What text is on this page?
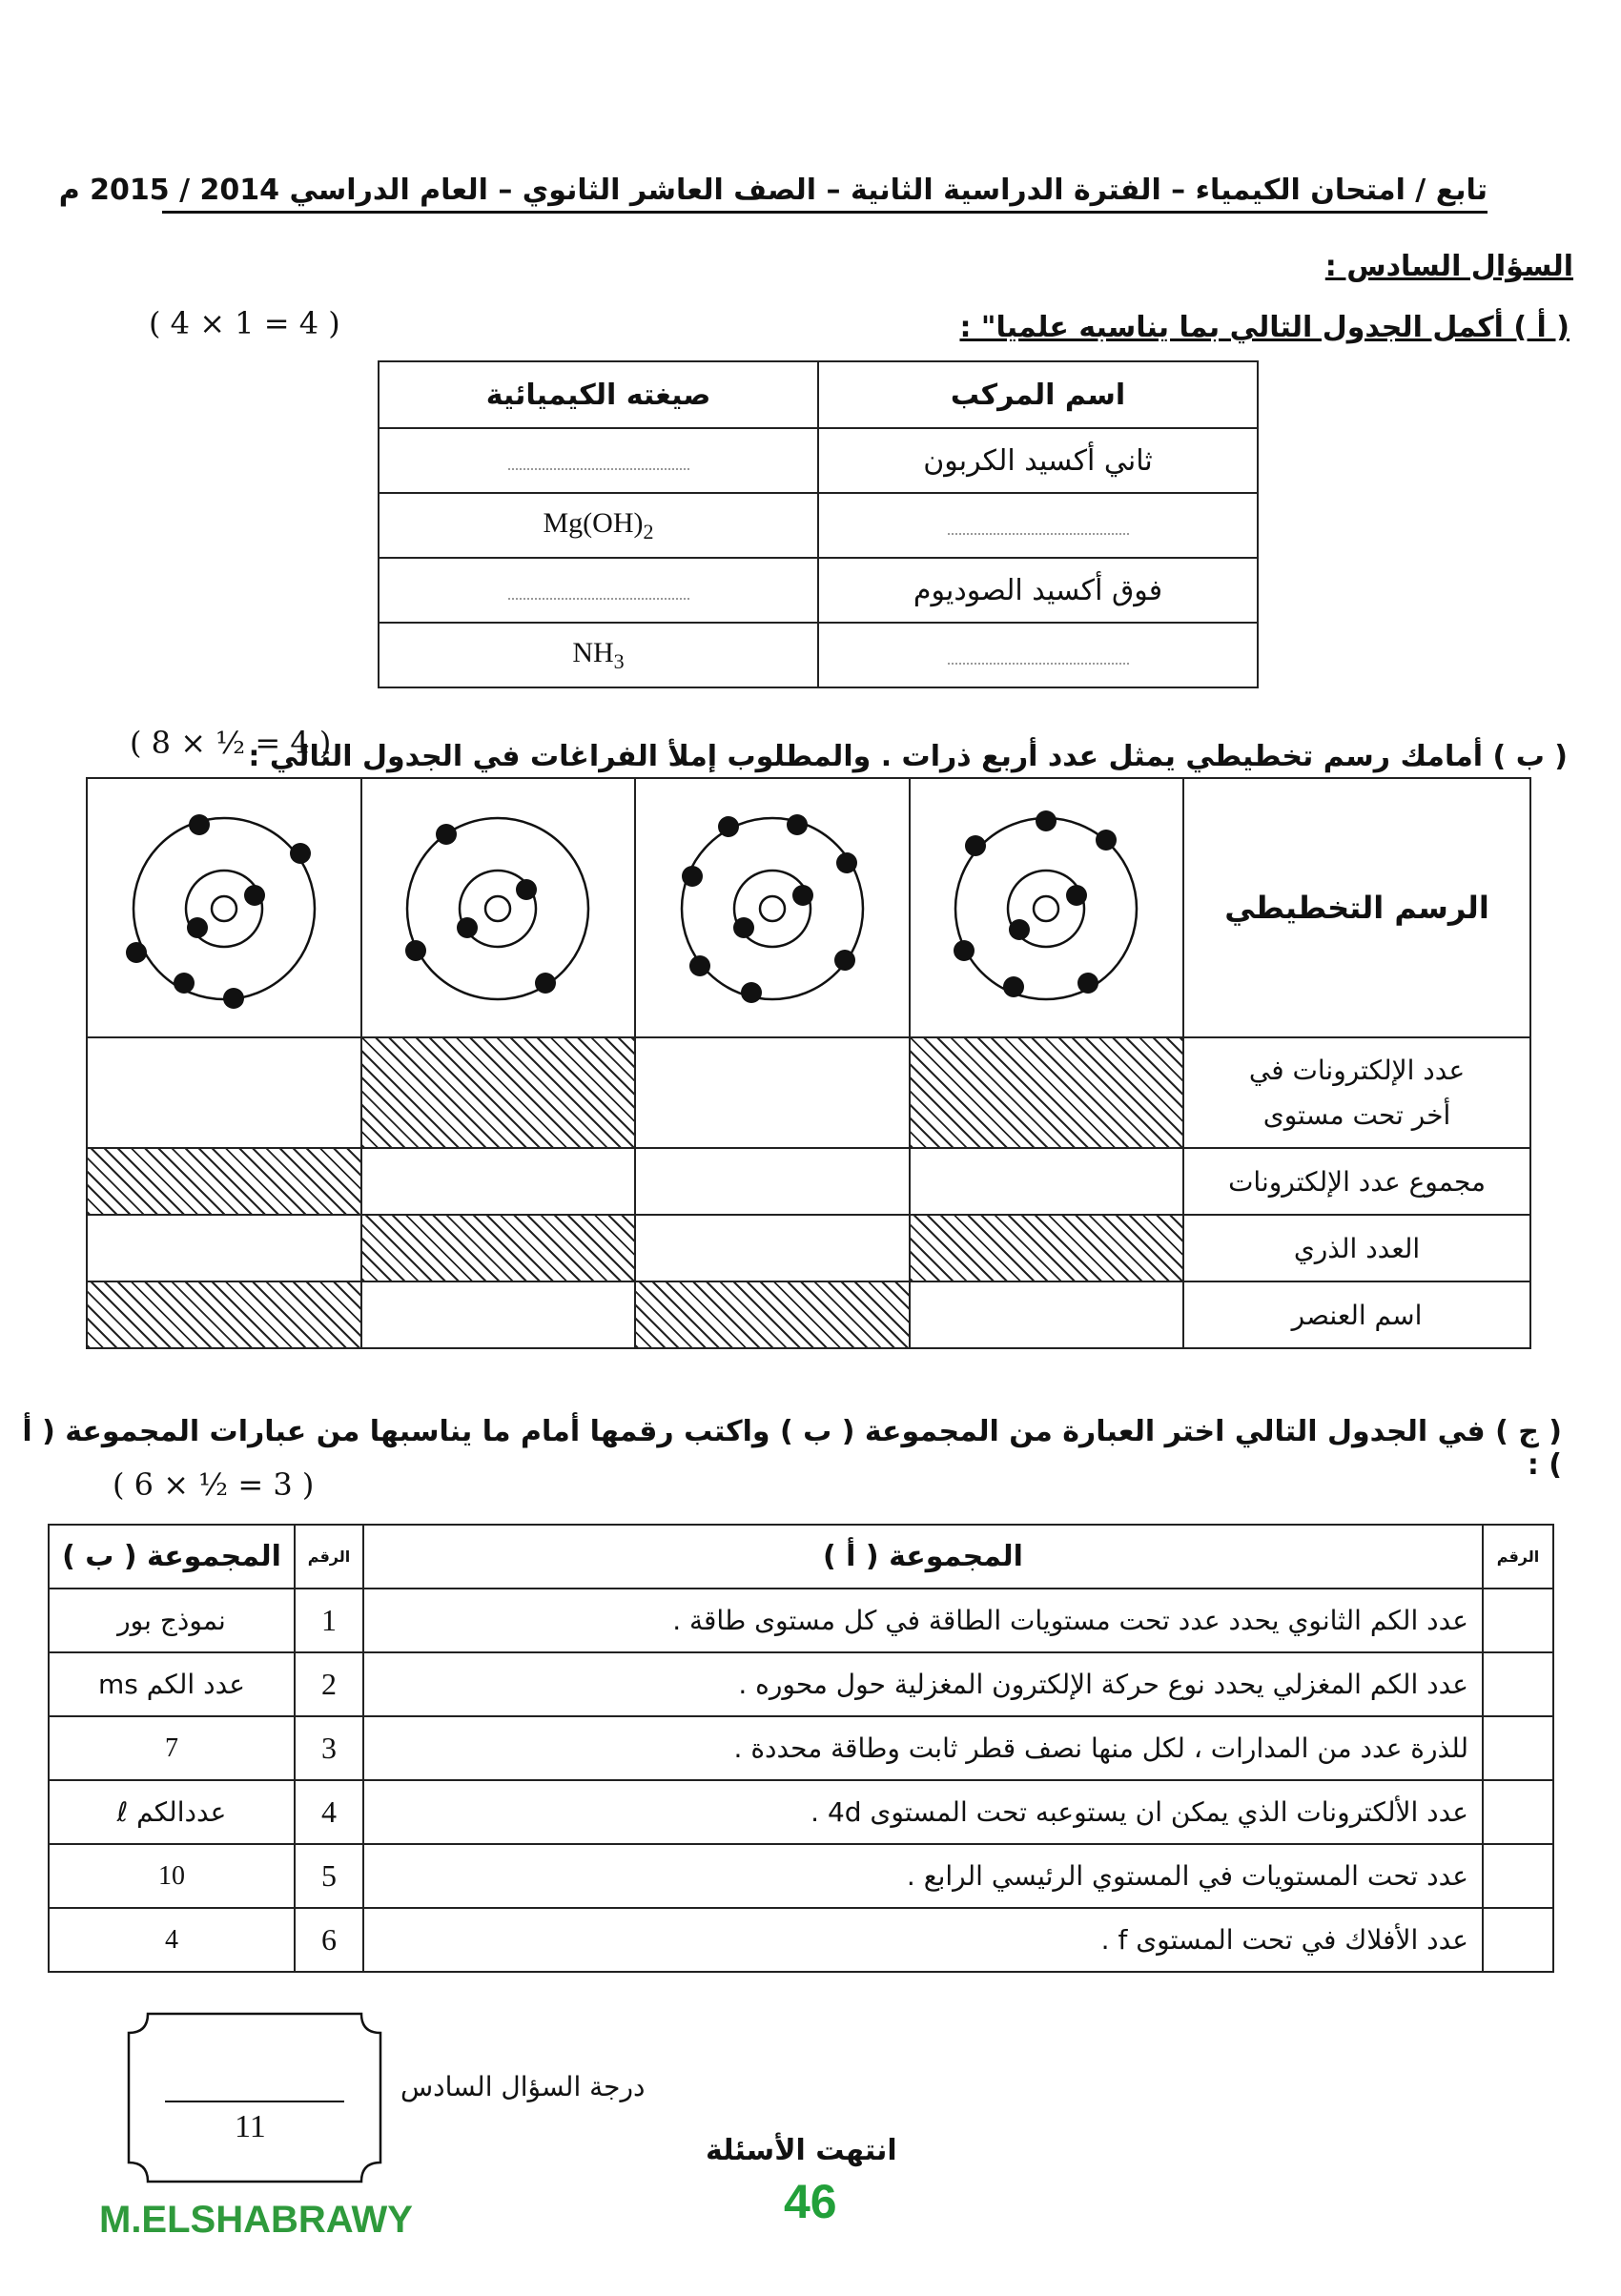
تابع / امتحان الكيمياء – الفترة الدراسية الثانية – الصف العاشر الثانوي – العام الدراسي 2014 / 2015 م
السؤال السادس :
( أ ) أكمل الجدول التالي بما يناسبه علميا" :
( 4 × 1 = 4 )
اسم المركب	صيغته الكيميائية
ثاني أكسيد الكربون	
	$Mg(OH)_2$
فوق أكسيد الصوديوم	
	$NH_3$
( ب ) أمامك رسم تخطيطي يمثل عدد أربع ذرات . والمطلوب إملأ الفراغات في الجدول التالي :
( 8 × ½ = 4 )
الرسم التخطيطي				

عدد الإلكترونات في
أخر تحت مستوى				

مجموع عدد الإلكترونات				
العدد الذري				
اسم العنصر				
( ج ) في الجدول التالي اختر العبارة من المجموعة ( ب ) واكتب رقمها أمام ما يناسبها من عبارات المجموعة ( أ ) :
( 6 × ½ = 3 )
الرقم	المجموعة ( أ )	الرقم	المجموعة ( ب )
	عدد الكم الثانوي يحدد عدد تحت مستويات الطاقة في كل مستوى طاقة .	1	نموذج بور
	عدد الكم المغزلي يحدد نوع حركة الإلكترون المغزلية حول محوره .	2	عدد الكم ms
	للذرة عدد من المدارات ، لكل منها نصف قطر ثابت وطاقة محددة .	3	7
	عدد الألكترونات الذي يمكن ان يستوعبه تحت المستوى 4d .	4	عددالكم ℓ
	عدد تحت المستويات في المستوي الرئيسي الرابع .	5	10
	عدد الأفلاك في تحت المستوى f .	6	4
درجة السؤال السادس
11
انتهت الأسئلة
46
M.ELSHABRAWY
